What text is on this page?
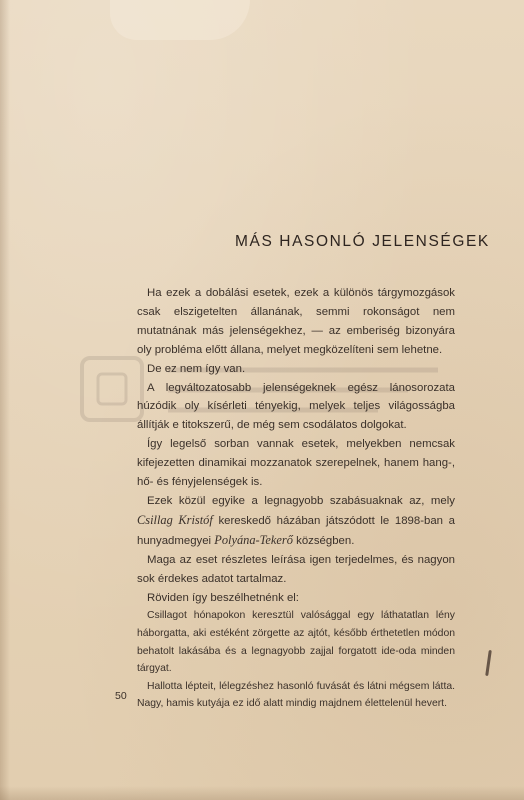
MÁS HASONLÓ JELENSÉGEK

Ha ezek a dobálási esetek, ezek a különös tárgymozgások csak elszigetelten állanának, semmi rokonságot nem mutatnának más jelenségekhez, — az emberiség bizonyára oly probléma előtt állana, melyet megközelíteni sem lehetne.

De ez nem így van.

A legváltozatosabb jelenségeknek egész lánosorozata húzódik oly kísérleti tényekig, melyek teljes világosságba állítják e titokszerű, de még sem csodálatos dolgokat.

Így legelső sorban vannak esetek, melyekben nemcsak kifejezetten dinamikai mozzanatok szerepelnek, hanem hang-, hő- és fényjelenségek is.

Ezek közül egyike a legnagyobb szabásuaknak az, mely Csillag Kristóf kereskedő házában játszódott le 1898-ban a hunyadmegyei Polyána-Tekerő községben.

Maga az eset részletes leírása igen terjedelmes, és nagyon sok érdekes adatot tartalmaz.

Röviden így beszélhetnénk el:

Csillagot hónapokon keresztül valósággal egy láthatatlan lény háborgatta, aki estéként zörgette az ajtót, később érthetetlen módon behatolt lakásába és a legnagyobb zajjal forgatott ide-oda minden tárgyat.

Hallotta lépteit, lélegzéshez hasonló fuvását és látni mégsem látta. Nagy, hamis kutyája ez idő alatt mindig majdnem élettelenül hevert.

50
